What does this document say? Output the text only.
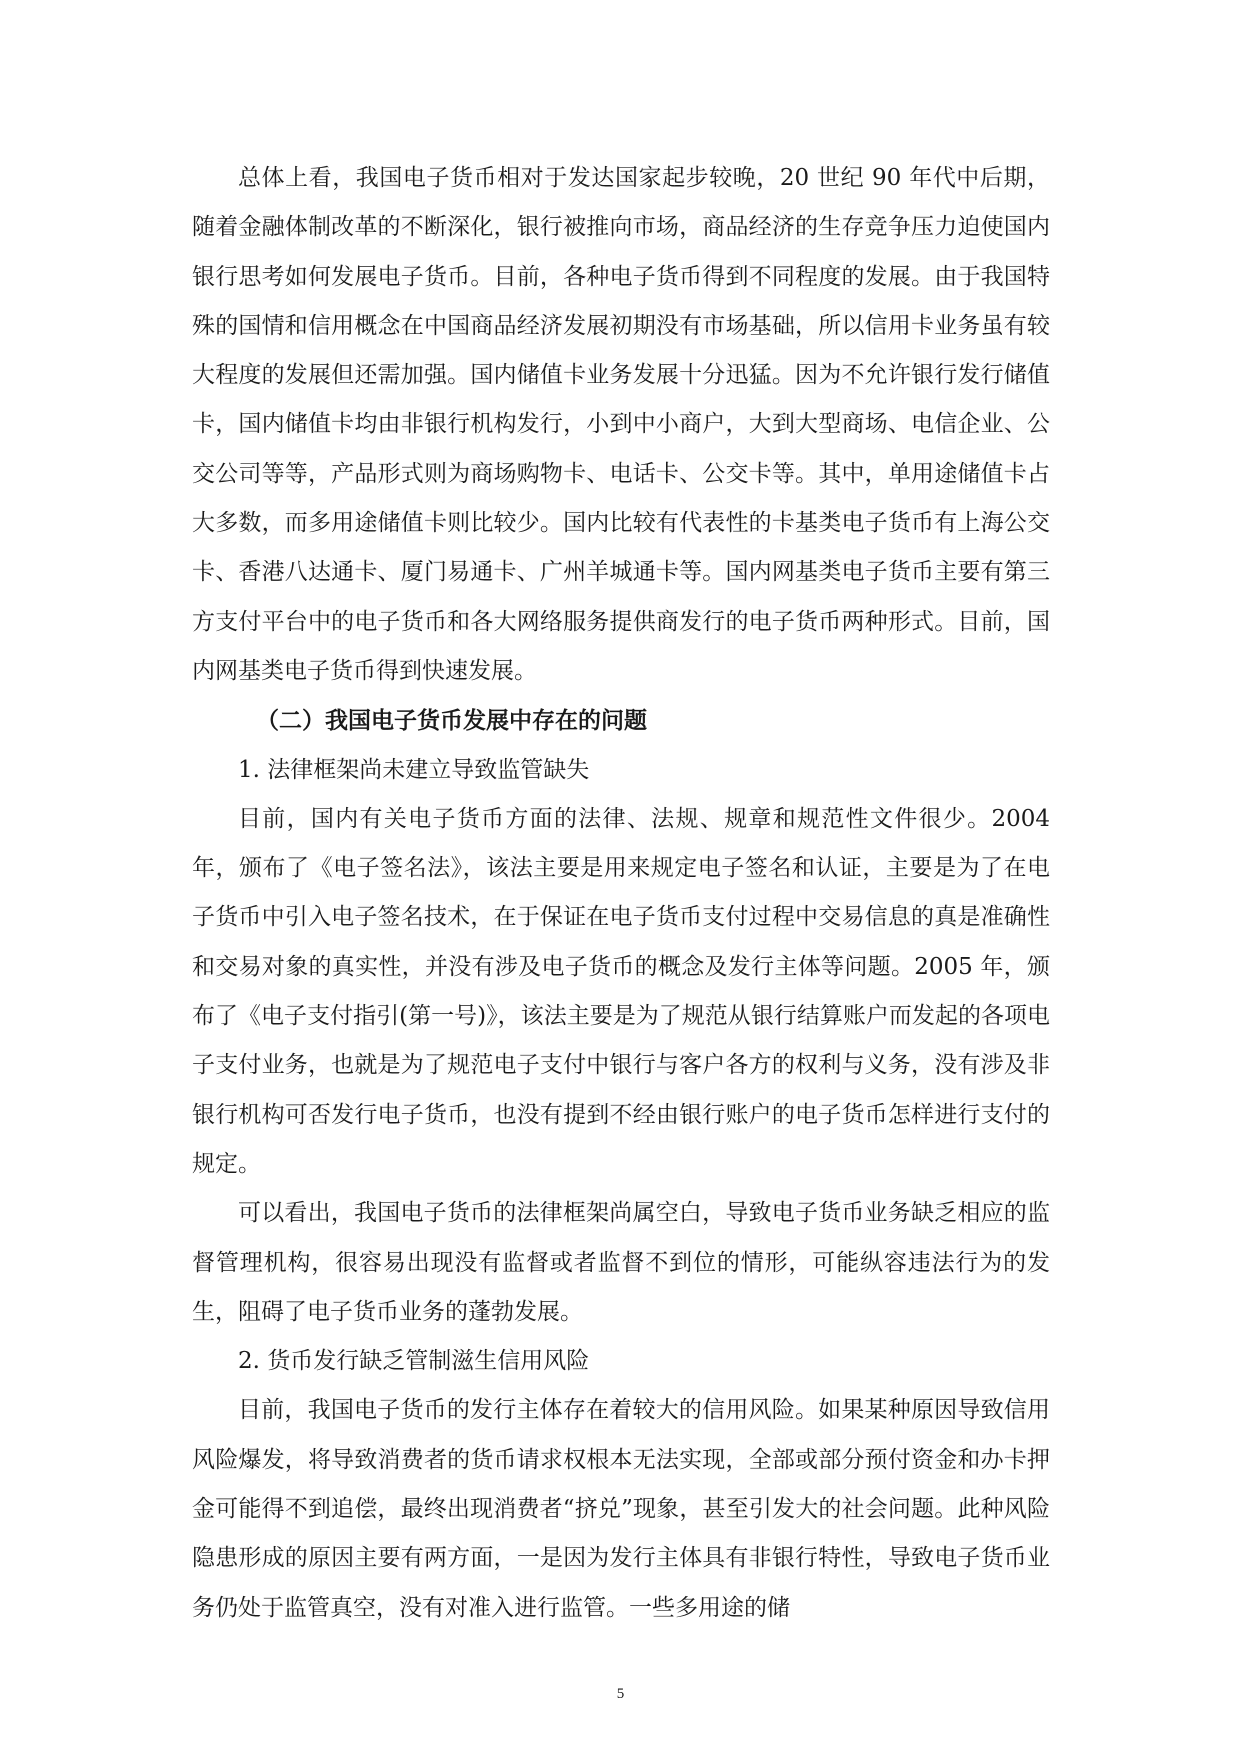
总体上看，我国电子货币相对于发达国家起步较晚，20 世纪 90 年代中后期，随着金融体制改革的不断深化，银行被推向市场，商品经济的生存竞争压力迫使国内银行思考如何发展电子货币。目前，各种电子货币得到不同程度的发展。由于我国特殊的国情和信用概念在中国商品经济发展初期没有市场基础，所以信用卡业务虽有较大程度的发展但还需加强。国内储值卡业务发展十分迅猛。因为不允许银行发行储值卡，国内储值卡均由非银行机构发行，小到中小商户，大到大型商场、电信企业、公交公司等等，产品形式则为商场购物卡、电话卡、公交卡等。其中，单用途储值卡占大多数，而多用途储值卡则比较少。国内比较有代表性的卡基类电子货币有上海公交卡、香港八达通卡、厦门易通卡、广州羊城通卡等。国内网基类电子货币主要有第三方支付平台中的电子货币和各大网络服务提供商发行的电子货币两种形式。目前，国内网基类电子货币得到快速发展。

（二）我国电子货币发展中存在的问题

1. 法律框架尚未建立导致监管缺失

目前，国内有关电子货币方面的法律、法规、规章和规范性文件很少。2004 年，颁布了《电子签名法》，该法主要是用来规定电子签名和认证，主要是为了在电子货币中引入电子签名技术，在于保证在电子货币支付过程中交易信息的真是准确性和交易对象的真实性，并没有涉及电子货币的概念及发行主体等问题。2005 年，颁布了《电子支付指引(第一号)》，该法主要是为了规范从银行结算账户而发起的各项电子支付业务，也就是为了规范电子支付中银行与客户各方的权利与义务，没有涉及非银行机构可否发行电子货币，也没有提到不经由银行账户的电子货币怎样进行支付的规定。

可以看出，我国电子货币的法律框架尚属空白，导致电子货币业务缺乏相应的监督管理机构，很容易出现没有监督或者监督不到位的情形，可能纵容违法行为的发生，阻碍了电子货币业务的蓬勃发展。

2. 货币发行缺乏管制滋生信用风险

目前，我国电子货币的发行主体存在着较大的信用风险。如果某种原因导致信用风险爆发，将导致消费者的货币请求权根本无法实现，全部或部分预付资金和办卡押金可能得不到追偿，最终出现消费者“挤兑”现象，甚至引发大的社会问题。此种风险隐患形成的原因主要有两方面，一是因为发行主体具有非银行特性，导致电子货币业务仍处于监管真空，没有对准入进行监管。一些多用途的储

5
